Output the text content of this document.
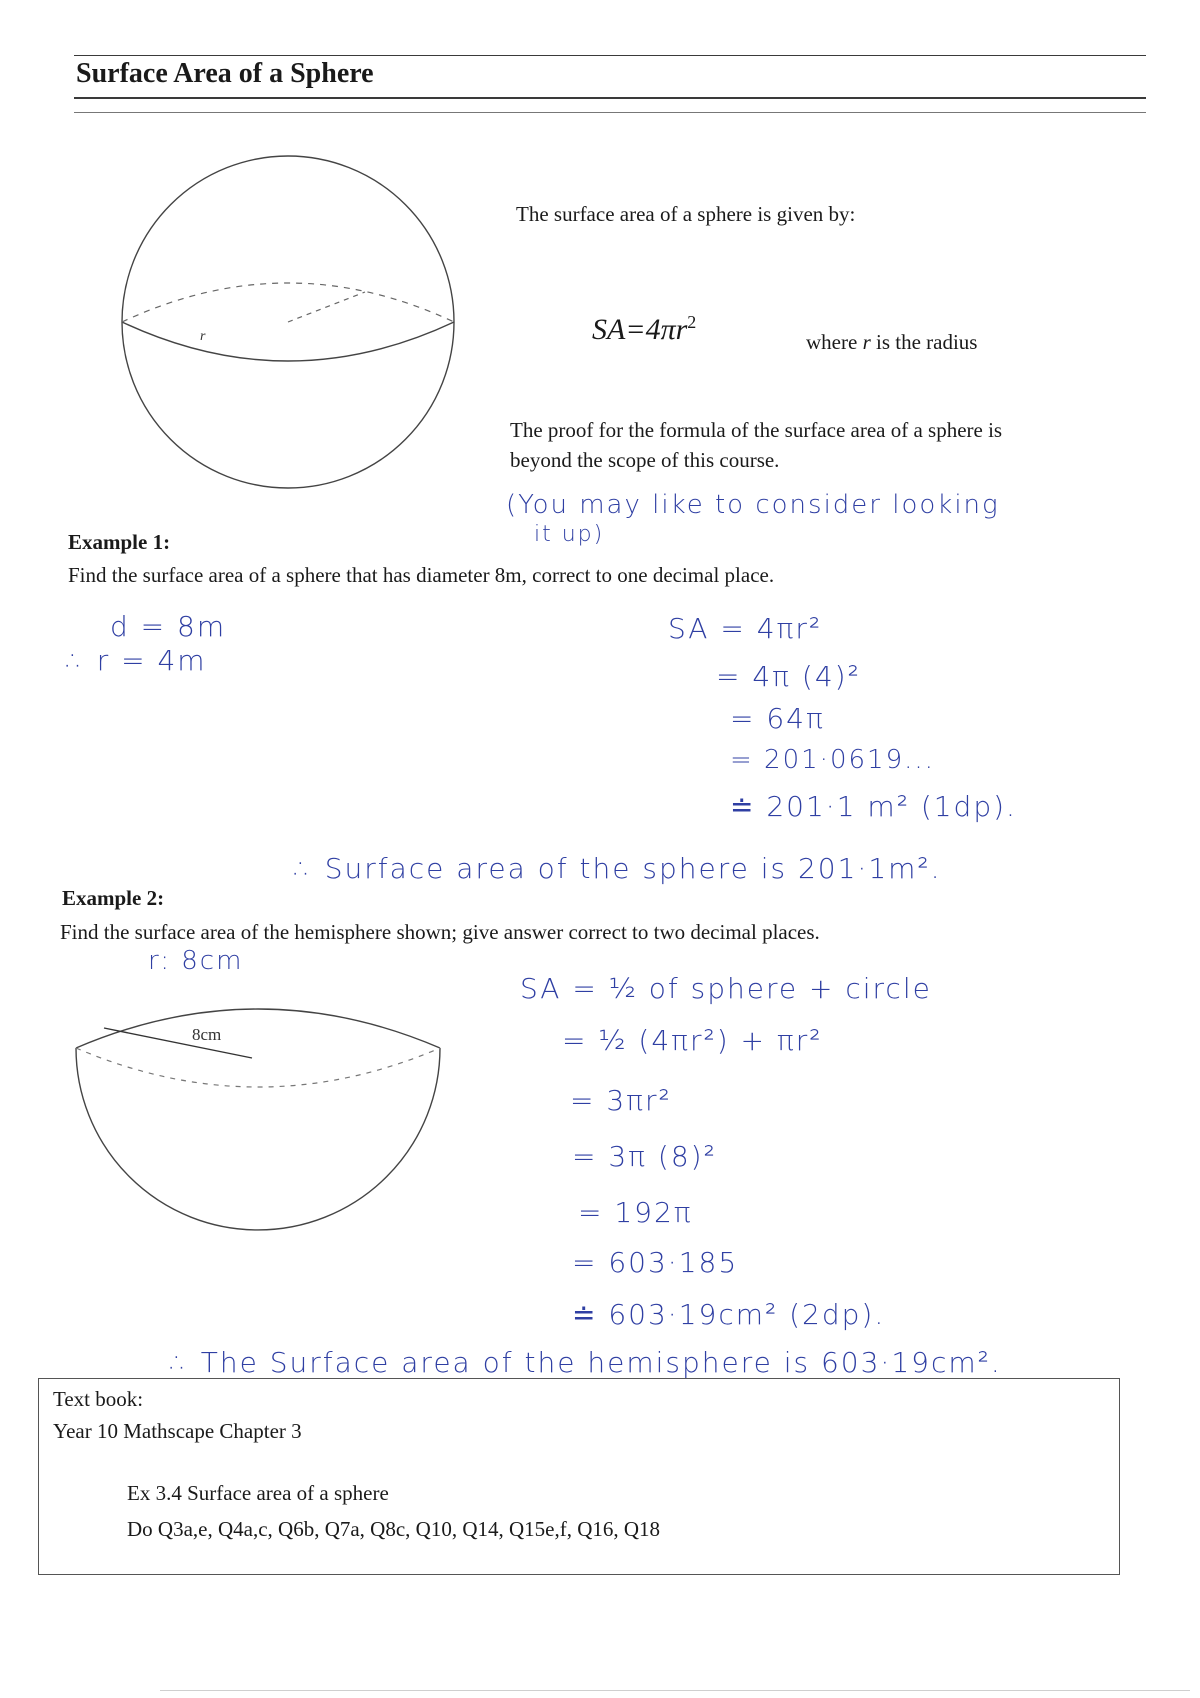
Surface Area of a Sphere
r
The surface area of a sphere is given by:
$SA=4\pi r^2$
where r is the radius
The proof for the formula of the surface area of a sphere is
beyond the scope of this course.
(You may like to consider looking
it up)
Example 1:
Find the surface area of a sphere that has diameter 8m, correct to one decimal place.
d = 8m
∴ r = 4m
SA = 4πr²
= 4π (4)²
= 64π
= 201·0619...
≐ 201·1 m² (1dp).
∴ Surface area of the sphere is 201·1m².
Example 2:
Find the surface area of the hemisphere shown; give answer correct to two decimal places.
r: 8cm
8cm
SA = ½ of sphere + circle
= ½ (4πr²) + πr²
= 3πr²
= 3π (8)²
= 192π
= 603·185
≐ 603·19cm² (2dp).
∴ The Surface area of the hemisphere is 603·19cm².
Text book:
Year 10 Mathscape Chapter 3
Ex 3.4 Surface area of a sphere
Do Q3a,e, Q4a,c, Q6b, Q7a, Q8c, Q10, Q14, Q15e,f, Q16, Q18
